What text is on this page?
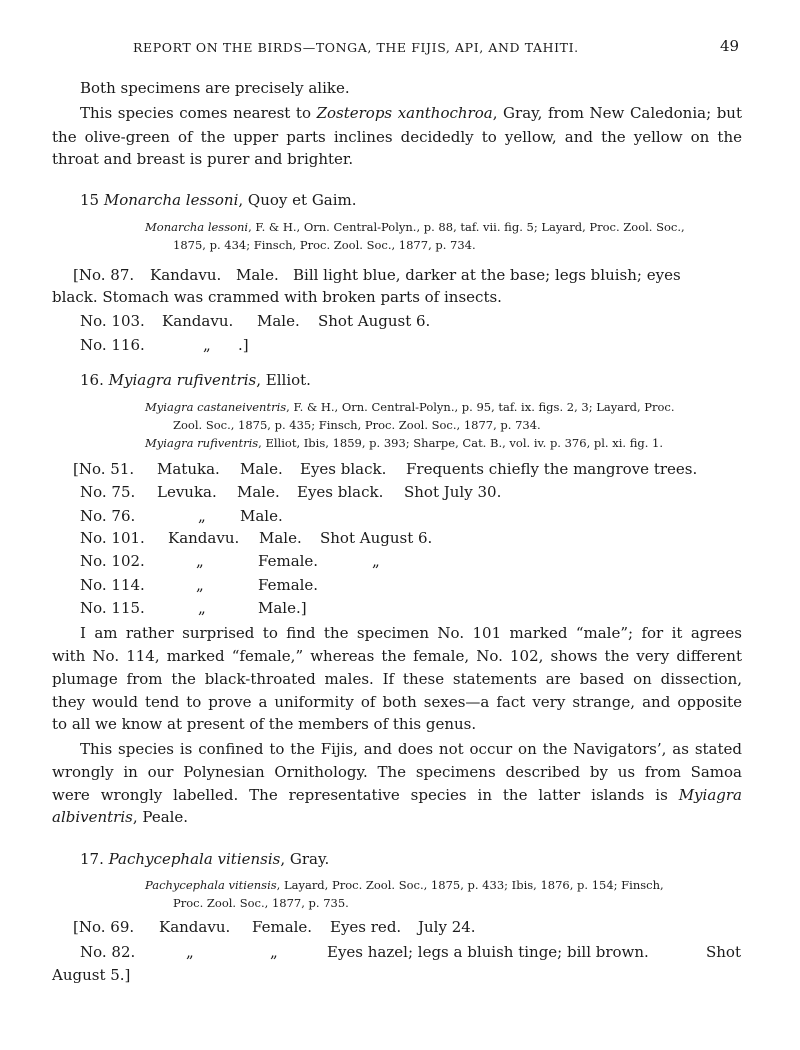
REPORT ON THE BIRDS—TONGA, THE FIJIS, API, AND TAHITI.	49
Both specimens are precisely alike.
This species comes nearest to Zosterops xanthochroa, Gray, from New Caledonia; but
the olive-green of the upper parts inclines decidedly to yellow, and the yellow on the
throat and breast is purer and brighter.
15 Monarcha lessoni, Quoy et Gaim.
Monarcha lessoni, F. & H., Orn. Central-Polyn., p. 88, taf. vii. fig. 5; Layard, Proc. Zool. Soc.,
1875, p. 434; Finsch, Proc. Zool. Soc., 1877, p. 734.
[No. 87. Kandavu. Male. Bill light blue, darker at the base; legs bluish; eyes
black. Stomach was crammed with broken parts of insects.
No. 103. Kandavu. Male. Shot August 6.
No. 116.	„ .]
16. Myiagra rufiventris, Elliot.
Myiagra castaneiventris, F. & H., Orn. Central-Polyn., p. 95, taf. ix. figs. 2, 3; Layard, Proc.
Zool. Soc., 1875, p. 435; Finsch, Proc. Zool. Soc., 1877, p. 734.
Myiagra rufiventris, Elliot, Ibis, 1859, p. 393; Sharpe, Cat. B., vol. iv. p. 376, pl. xi. fig. 1.
[No. 51. Matuka. Male. Eyes black. Frequents chiefly the mangrove trees.
No. 75. Levuka. Male. Eyes black. Shot July 30.
No. 76.	„ Male.
No. 101. Kandavu. Male. Shot August 6.
No. 102.	„	Female.	„
No. 114.	„	Female.
No. 115.	„	Male.]
I am rather surprised to find the specimen No. 101 marked “male”; for it agrees
with No. 114, marked “female,” whereas the female, No. 102, shows the very different
plumage from the black-throated males. If these statements are based on dissection,
they would tend to prove a uniformity of both sexes—a fact very strange, and opposite
to all we know at present of the members of this genus.
This species is confined to the Fijis, and does not occur on the Navigators’, as stated
wrongly in our Polynesian Ornithology. The specimens described by us from Samoa
were wrongly labelled. The representative species in the latter islands is Myiagra
albiventris, Peale.
17. Pachycephala vitiensis, Gray.
Pachycephala vitiensis, Layard, Proc. Zool. Soc., 1875, p. 433; Ibis, 1876, p. 154; Finsch,
Proc. Zool. Soc., 1877, p. 735.
[No. 69. Kandavu. Female. Eyes red. July 24.
No. 82.	„	„	Eyes hazel; legs a bluish tinge; bill brown.	Shot
August 5.]
